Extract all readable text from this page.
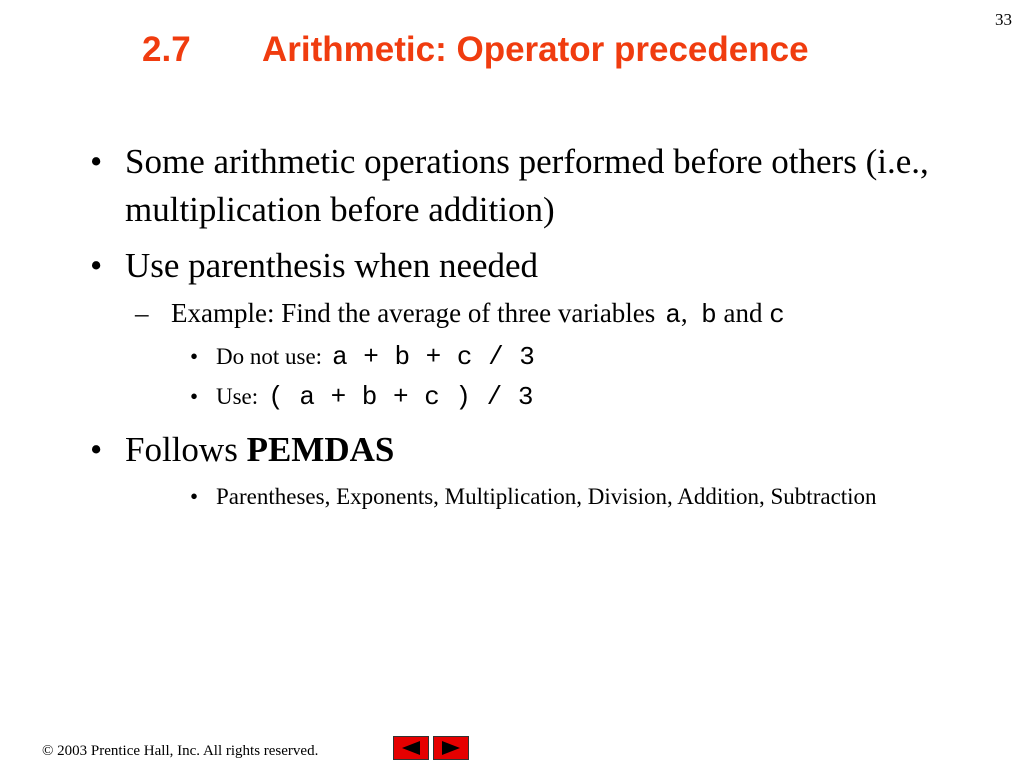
33
2.7 Arithmetic: Operator precedence
• Some arithmetic operations performed before others (i.e., multiplication before addition)
• Use parenthesis when needed
– Example: Find the average of three variables a, b and c
• Do not use: a + b + c / 3
• Use: ( a + b + c ) / 3
• Follows PEMDAS
• Parentheses, Exponents, Multiplication, Division, Addition, Subtraction
© 2003 Prentice Hall, Inc. All rights reserved.
